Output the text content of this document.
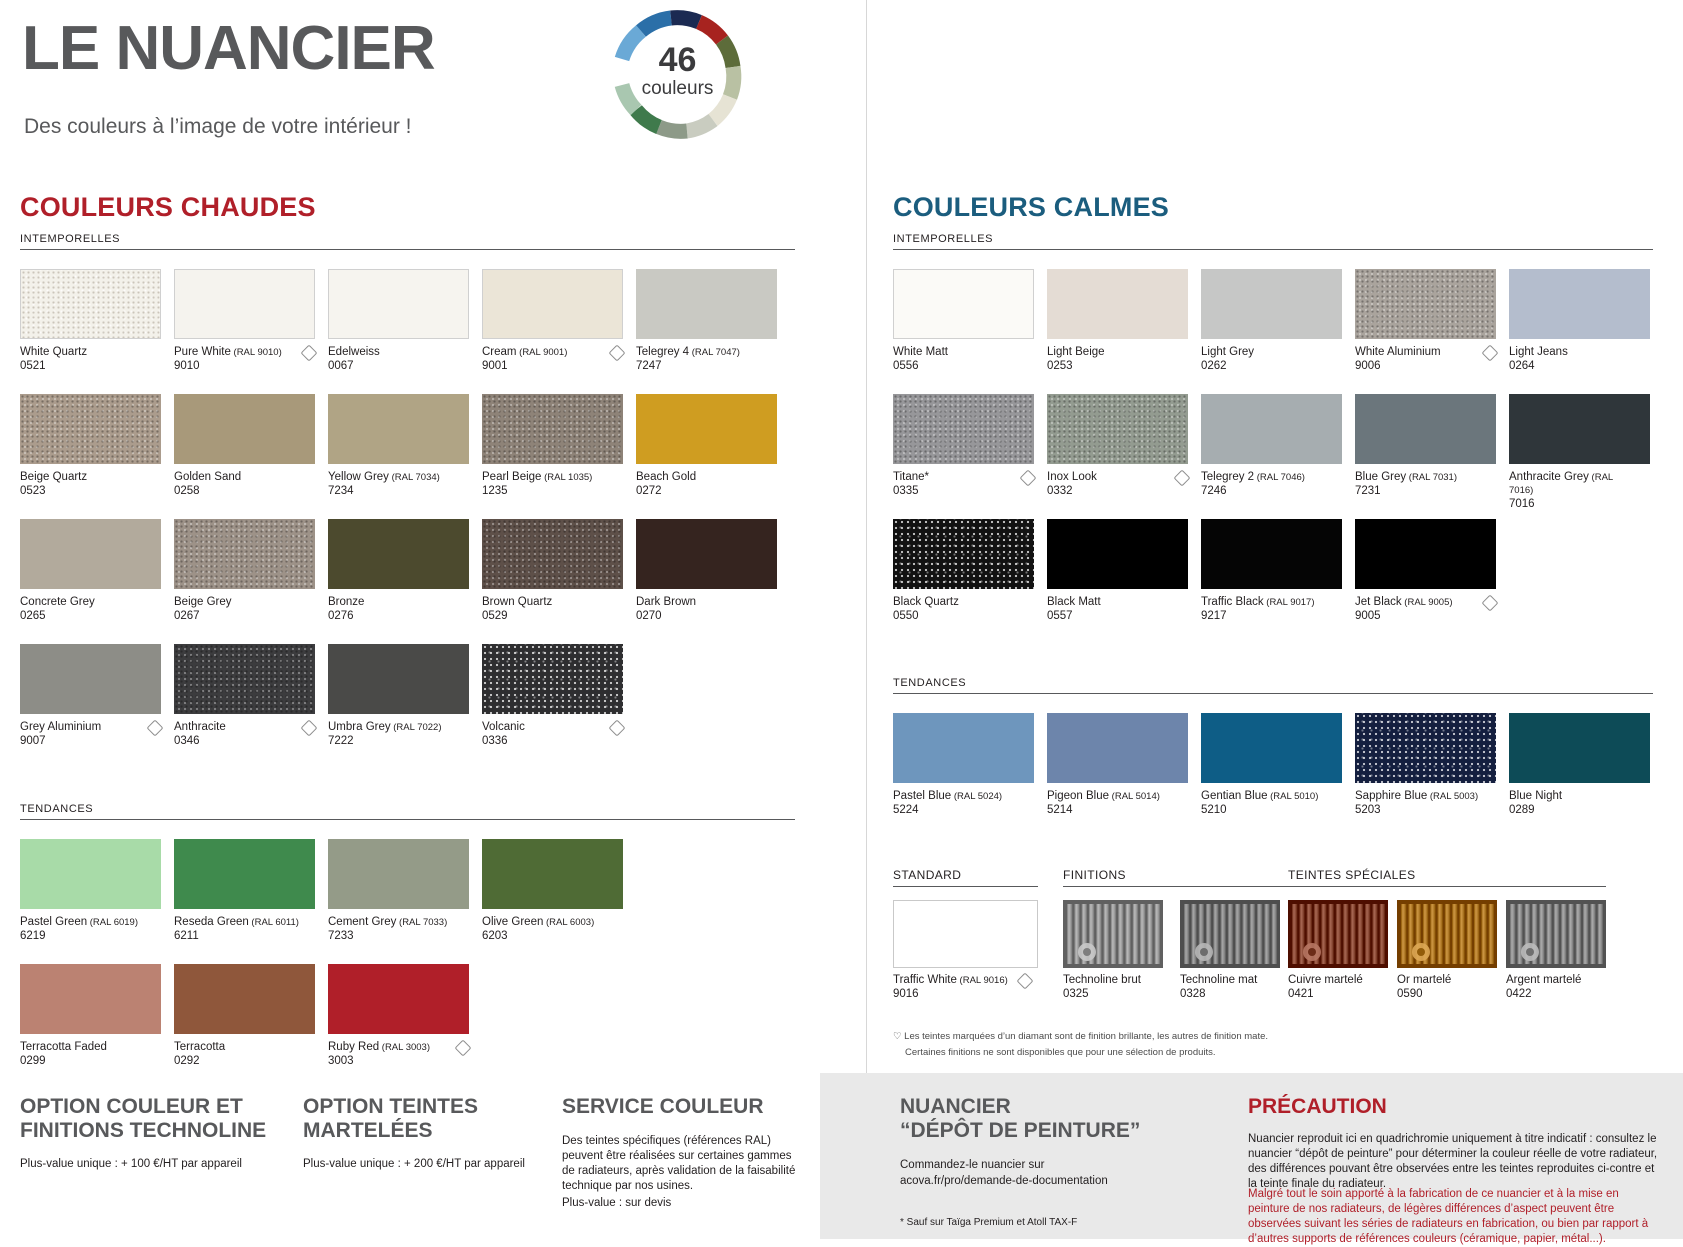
LE NUANCIER
Des couleurs à l’image de votre intérieur !
46
couleurs
COULEURS CHAUDES	COULEURS CALMES
INTEMPORELLES	INTEMPORELLES
TENDANCES
TENDANCES
White Quartz
0521
Pure White (RAL 9010)
9010
Edelweiss
0067
Cream (RAL 9001)
9001
Telegrey 4 (RAL 7047)
7247
Beige Quartz
0523
Golden Sand
0258
Yellow Grey (RAL 7034)
7234
Pearl Beige (RAL 1035)
1235
Beach Gold
0272
Concrete Grey
0265
Beige Grey
0267
Bronze
0276
Brown Quartz
0529
Dark Brown
0270
Grey Aluminium
9007
Anthracite
0346
Umbra Grey (RAL 7022)
7222
Volcanic
0336
Pastel Green (RAL 6019)
6219
Reseda Green (RAL 6011)
6211
Cement Grey (RAL 7033)
7233
Olive Green (RAL 6003)
6203
Terracotta Faded
0299
Terracotta
0292
Ruby Red (RAL 3003)
3003
White Matt
0556
Light Beige
0253
Light Grey
0262
White Aluminium
9006
Light Jeans
0264
Titane*
0335
Inox Look
0332
Telegrey 2 (RAL 7046)
7246
Blue Grey (RAL 7031)
7231
Anthracite Grey (RAL 7016)
7016
Black Quartz
0550
Black Matt
0557
Traffic Black (RAL 9017)
9217
Jet Black (RAL 9005)
9005
Pastel Blue (RAL 5024)
5224
Pigeon Blue (RAL 5014)
5214
Gentian Blue (RAL 5010)
5210
Sapphire Blue (RAL 5003)
5203
Blue Night
0289
STANDARD	FINITIONS	TEINTES SPÉCIALES
Traffic White (RAL 9016)
9016
Technoline brut
0325
Technoline mat
0328
Cuivre martelé
0421
Or martelé
0590
Argent martelé
0422
♡ Les teintes marquées d’un diamant sont de finition brillante, les autres de finition mate.
Certaines finitions ne sont disponibles que pour une sélection de produits.
OPTION COULEUR ET FINITIONS TECHNOLINE
Plus-value unique : + 100 €/HT par appareil
OPTION TEINTES MARTELÉES
Plus-value unique : + 200 €/HT par appareil
SERVICE COULEUR
Des teintes spécifiques (références RAL) peuvent être réalisées sur certaines gammes de radiateurs, après validation de la faisabilité technique par nos usines.
Plus-value : sur devis
NUANCIER
“DÉPÔT DE PEINTURE”
Commandez-le nuancier sur
acova.fr/pro/demande-de-documentation
* Sauf sur Taïga Premium et Atoll TAX-F
PRÉCAUTION
Nuancier reproduit ici en quadrichromie uniquement à titre indicatif : consultez le nuancier “dépôt de peinture” pour déterminer la couleur réelle de votre radiateur, des différences pouvant être observées entre les teintes reproduites ci-contre et la teinte finale du radiateur.
Malgré tout le soin apporté à la fabrication de ce nuancier et à la mise en peinture de nos radiateurs, de légères différences d’aspect peuvent être observées suivant les séries de radiateurs en fabrication, ou bien par rapport à d’autres supports de références couleurs (céramique, papier, métal...).
